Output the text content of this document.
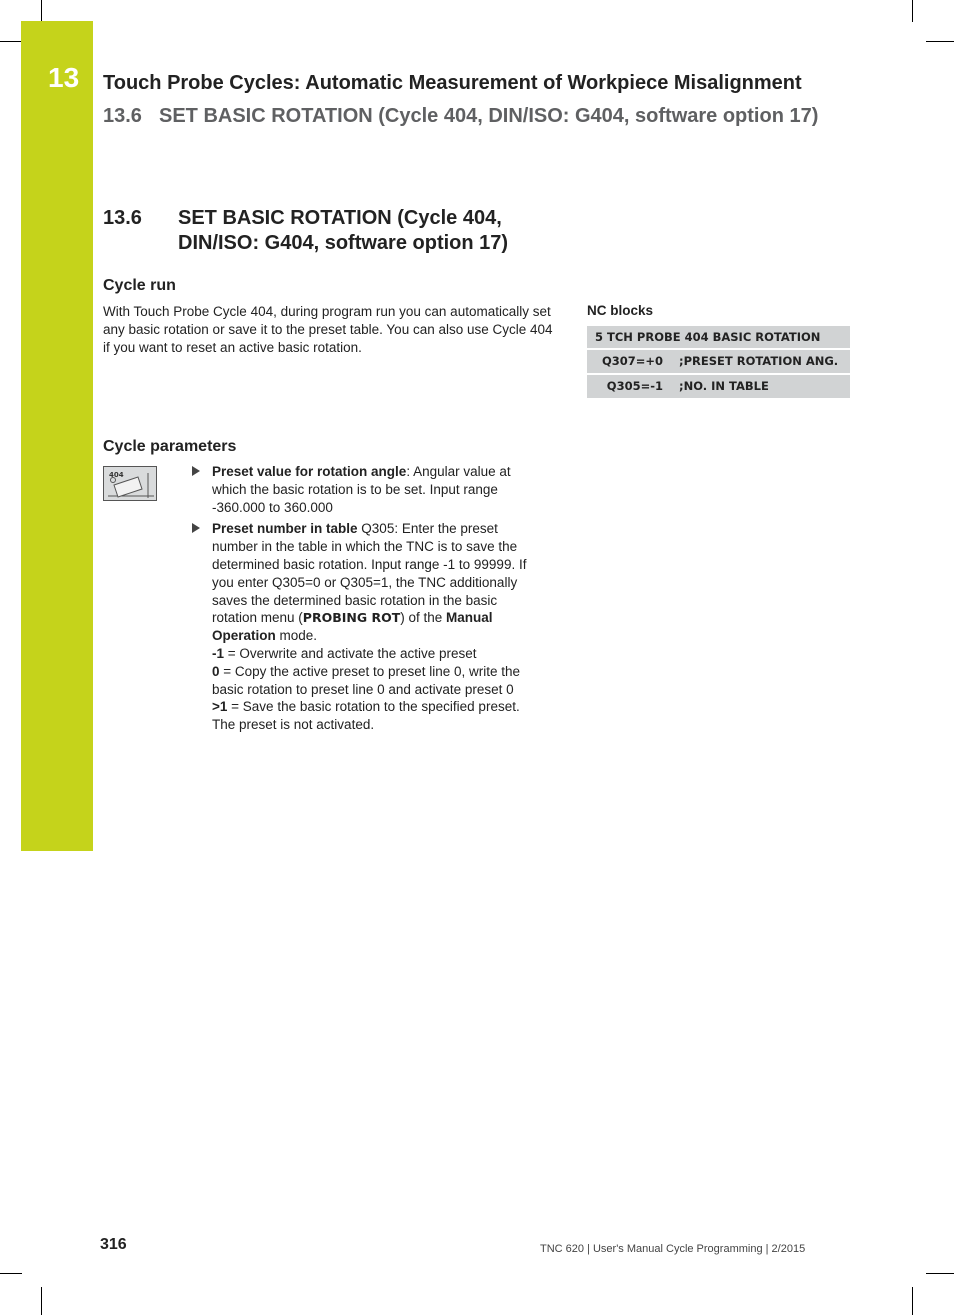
13 Touch Probe Cycles: Automatic Measurement of Workpiece Misalignment
13.6 SET BASIC ROTATION (Cycle 404, DIN/ISO: G404, software option 17)
13.6	SET BASIC ROTATION (Cycle 404, DIN/ISO: G404, software option 17)
Cycle run
With Touch Probe Cycle 404, during program run you can automatically set any basic rotation or save it to the preset table. You can also use Cycle 404 if you want to reset an active basic rotation.
NC blocks
5 TCH PROBE 404 BASIC ROTATION
Q307=+0	;PRESET ROTATION ANG.
Q305=-1	;NO. IN TABLE
Cycle parameters
404	Preset value for rotation angle: Angular value at which the basic rotation is to be set. Input range -360.000 to 360.000
Preset number in table Q305: Enter the preset number in the table in which the TNC is to save the determined basic rotation. Input range -1 to 99999. If you enter Q305=0 or Q305=1, the TNC additionally saves the determined basic rotation in the basic rotation menu (PROBING ROT) of the Manual Operation mode.
-1 = Overwrite and activate the active preset
0 = Copy the active preset to preset line 0, write the basic rotation to preset line 0 and activate preset 0
>1 = Save the basic rotation to the specified preset. The preset is not activated.
316	TNC 620 | User's Manual Cycle Programming | 2/2015
